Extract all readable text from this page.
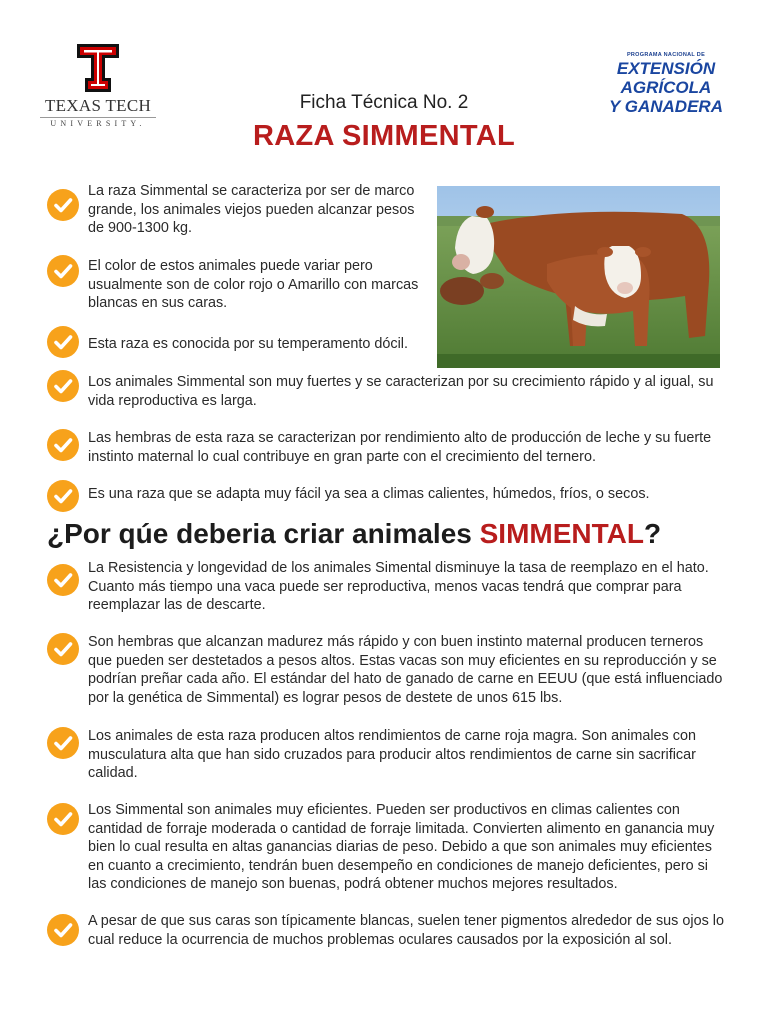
TEXAS TECH
UNIVERSITY.
Ficha Técnica No. 2
RAZA SIMMENTAL
PROGRAMA NACIONAL DE
EXTENSIÓN
AGRÍCOLA
Y GANADERA
La raza Simmental se caracteriza por ser de marco grande, los animales viejos pueden alcanzar pesos de 900-1300 kg.
El color de estos animales puede variar pero usualmente son de color rojo o Amarillo con marcas blancas en sus caras.
Esta raza es conocida por su temperamento dócil.
Los animales Simmental son muy fuertes y se caracterizan por su crecimiento rápido y al igual, su vida reproductiva es larga.
Las hembras de esta raza se caracterizan por rendimiento alto de producción de leche y su fuerte instinto maternal lo cual contribuye en gran parte con el crecimiento del ternero.
Es una raza que se adapta muy fácil ya sea a climas calientes, húmedos, fríos, o secos.
¿Por qúe deberia criar animales SIMMENTAL?
La Resistencia y longevidad de los animales Simental disminuye la tasa de reemplazo en el hato. Cuanto más tiempo una vaca puede ser reproductiva, menos vacas tendrá que comprar para reemplazar las de descarte.
Son hembras que alcanzan madurez más rápido y con buen instinto maternal producen terneros que pueden ser destetados a pesos altos. Estas vacas son muy eficientes en su reproducción y se podrían preñar cada año. El estándar del hato de ganado de carne en EEUU (que está influenciado por la genética de Simmental) es lograr pesos de destete de unos 615 lbs.
Los animales de esta raza producen altos rendimientos de carne roja magra. Son animales con musculatura alta que han sido cruzados para producir altos rendimientos de carne sin sacrificar calidad.
Los Simmental son animales muy eficientes. Pueden ser productivos en climas calientes con cantidad de forraje moderada o cantidad de forraje limitada. Convierten alimento en ganancia muy bien lo cual resulta en altas ganancias diarias de peso. Debido a que son animales muy eficientes en cuanto a crecimiento, tendrán buen desempeño en condiciones de manejo deficientes, pero si las condiciones de manejo son buenas, podrá obtener muchos mejores resultados.
A pesar de que sus caras son típicamente blancas, suelen tener pigmentos alrededor de sus ojos lo cual reduce la ocurrencia de muchos problemas oculares causados por la exposición al sol.
